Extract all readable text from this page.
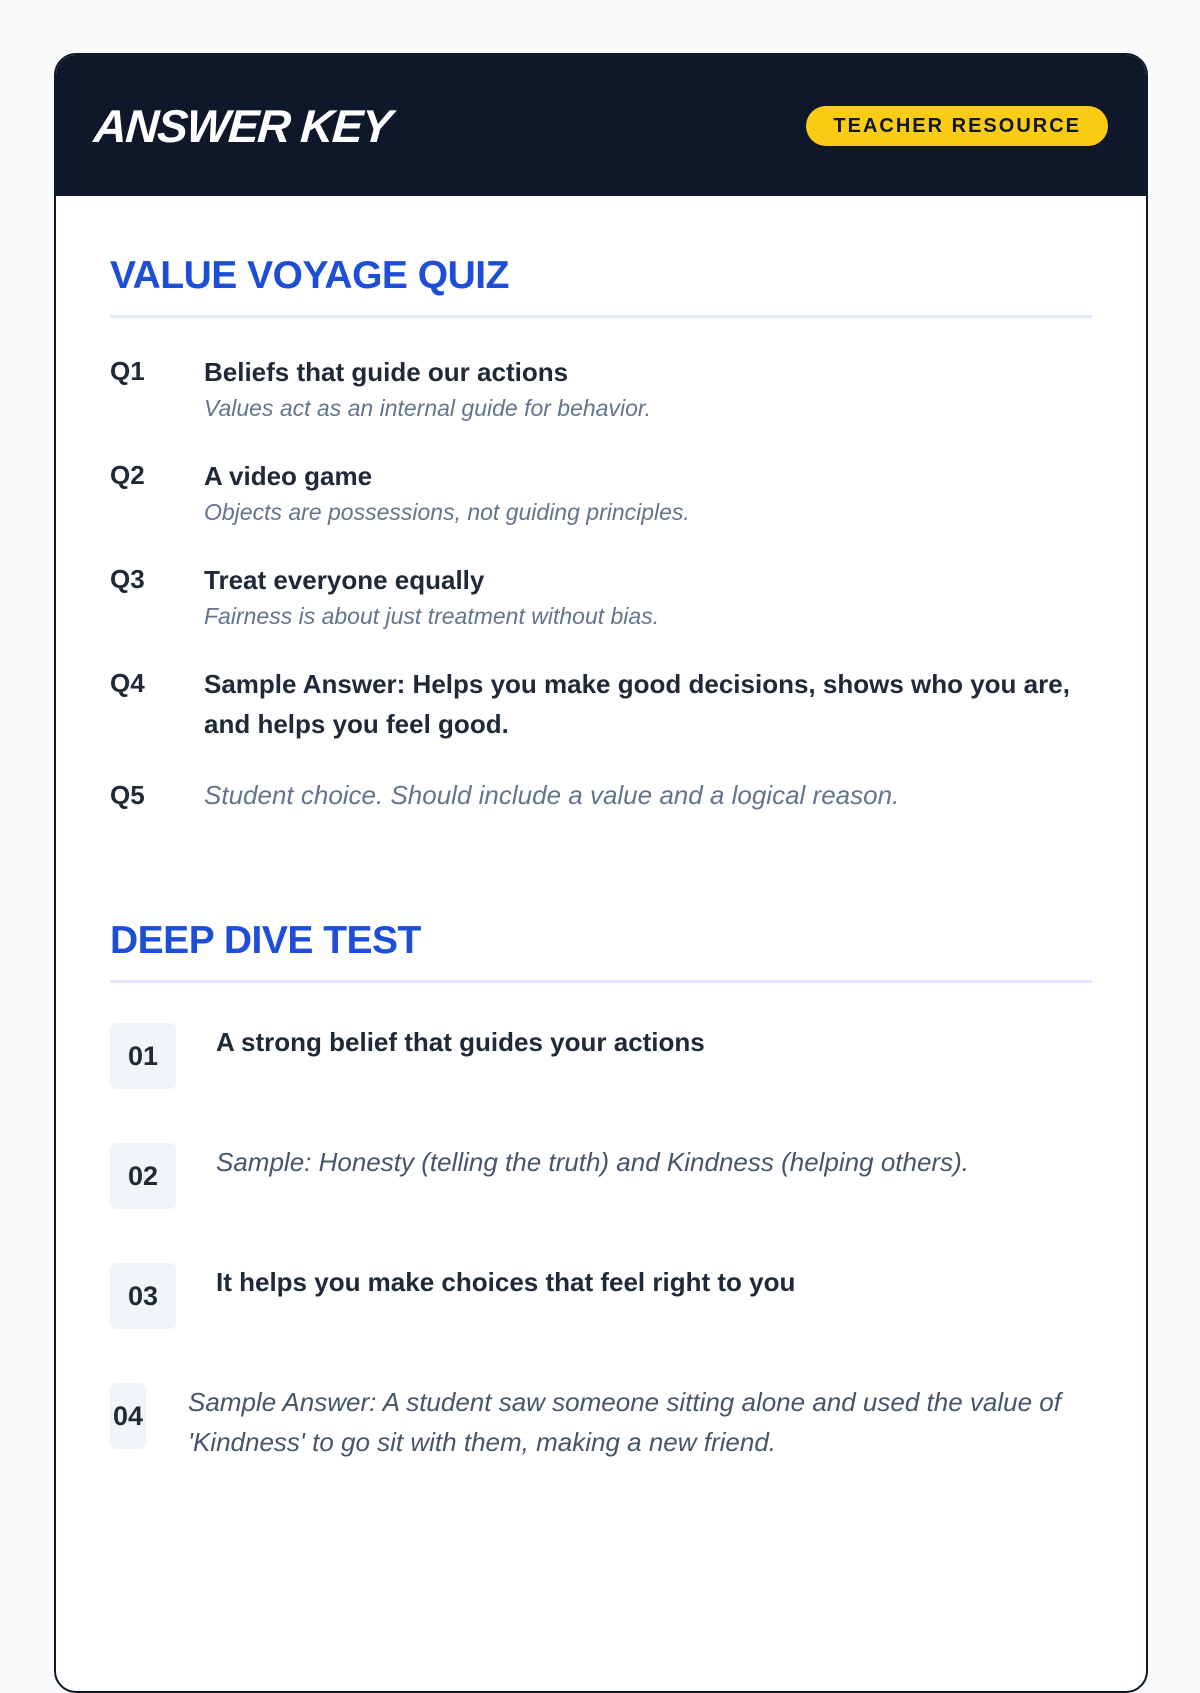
ANSWER KEY	TEACHER RESOURCE
VALUE VOYAGE QUIZ
Q1	Beliefs that guide our actions
Values act as an internal guide for behavior.
Q2	A video game
Objects are possessions, not guiding principles.
Q3	Treat everyone equally
Fairness is about just treatment without bias.
Q4	Sample Answer: Helps you make good decisions, shows who you are, and helps you feel good.
Q5	Student choice. Should include a value and a logical reason.
DEEP DIVE TEST
01	A strong belief that guides your actions
02	Sample: Honesty (telling the truth) and Kindness (helping others).
03	It helps you make choices that feel right to you
04 Sample Answer: A student saw someone sitting alone and used the value of 'Kindness' to go sit with them, making a new friend.
